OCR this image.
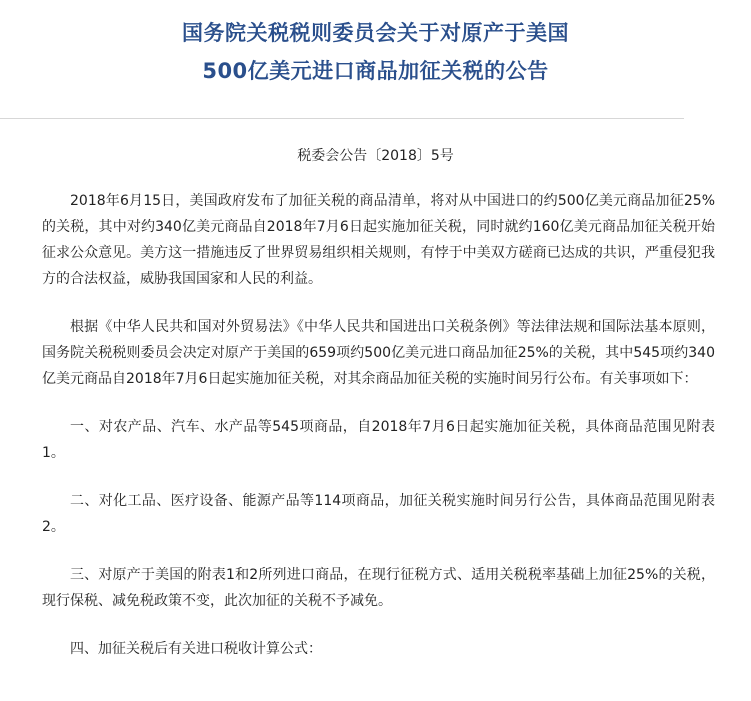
国务院关税税则委员会关于对原产于美国
500亿美元进口商品加征关税的公告
税委会公告〔2018〕5号

2018年6月15日，美国政府发布了加征关税的商品清单，将对从中国进口的约500亿美元商品加征25%的关税，其中对约340亿美元商品自2018年7月6日起实施加征关税，同时就约160亿美元商品加征关税开始征求公众意见。美方这一措施违反了世界贸易组织相关规则，有悖于中美双方磋商已达成的共识，严重侵犯我方的合法权益，威胁我国国家和人民的利益。

根据《中华人民共和国对外贸易法》《中华人民共和国进出口关税条例》等法律法规和国际法基本原则，国务院关税税则委员会决定对原产于美国的659项约500亿美元进口商品加征25%的关税，其中545项约340亿美元商品自2018年7月6日起实施加征关税，对其余商品加征关税的实施时间另行公布。有关事项如下：

一、对农产品、汽车、水产品等545项商品，自2018年7月6日起实施加征关税，具体商品范围见附表1。

二、对化工品、医疗设备、能源产品等114项商品，加征关税实施时间另行公告，具体商品范围见附表2。

三、对原产于美国的附表1和2所列进口商品，在现行征税方式、适用关税税率基础上加征25%的关税，现行保税、减免税政策不变，此次加征的关税不予减免。

四、加征关税后有关进口税收计算公式：
